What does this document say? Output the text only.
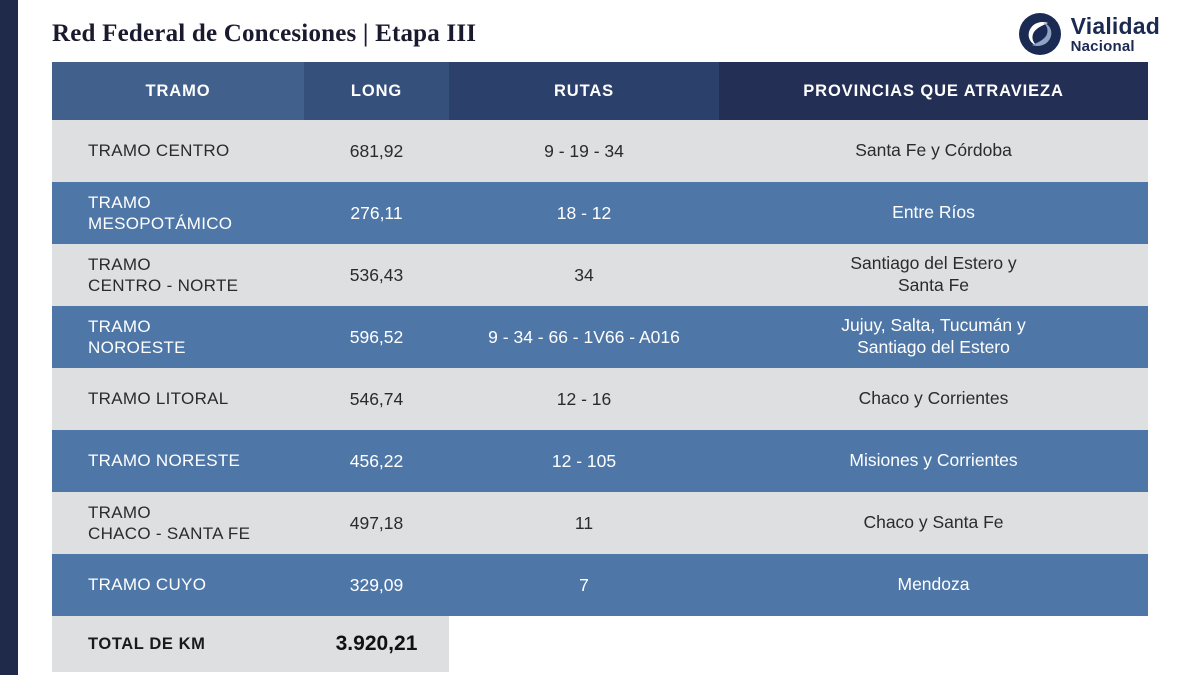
Red Federal de Concesiones | Etapa III	Vialidad
Nacional
TRAMO	LONG	RUTAS	PROVINCIAS QUE ATRAVIEZA
TRAMO CENTRO	681,92	9 - 19 - 34	Santa Fe y Córdoba
TRAMO
MESOPOTÁMICO	276,11	18 - 12	Entre Ríos
TRAMO
CENTRO - NORTE	536,43	34	Santiago del Estero y
Santa Fe
TRAMO
NOROESTE	596,52	9 - 34 - 66 - 1V66 - A016	Jujuy, Salta, Tucumán y
Santiago del Estero
TRAMO LITORAL	546,74	12 - 16	Chaco y Corrientes
TRAMO NORESTE	456,22	12 - 105	Misiones y Corrientes
TRAMO
CHACO - SANTA FE	497,18	11	Chaco y Santa Fe
TRAMO CUYO	329,09	7	Mendoza
TOTAL DE KM	3.920,21		
